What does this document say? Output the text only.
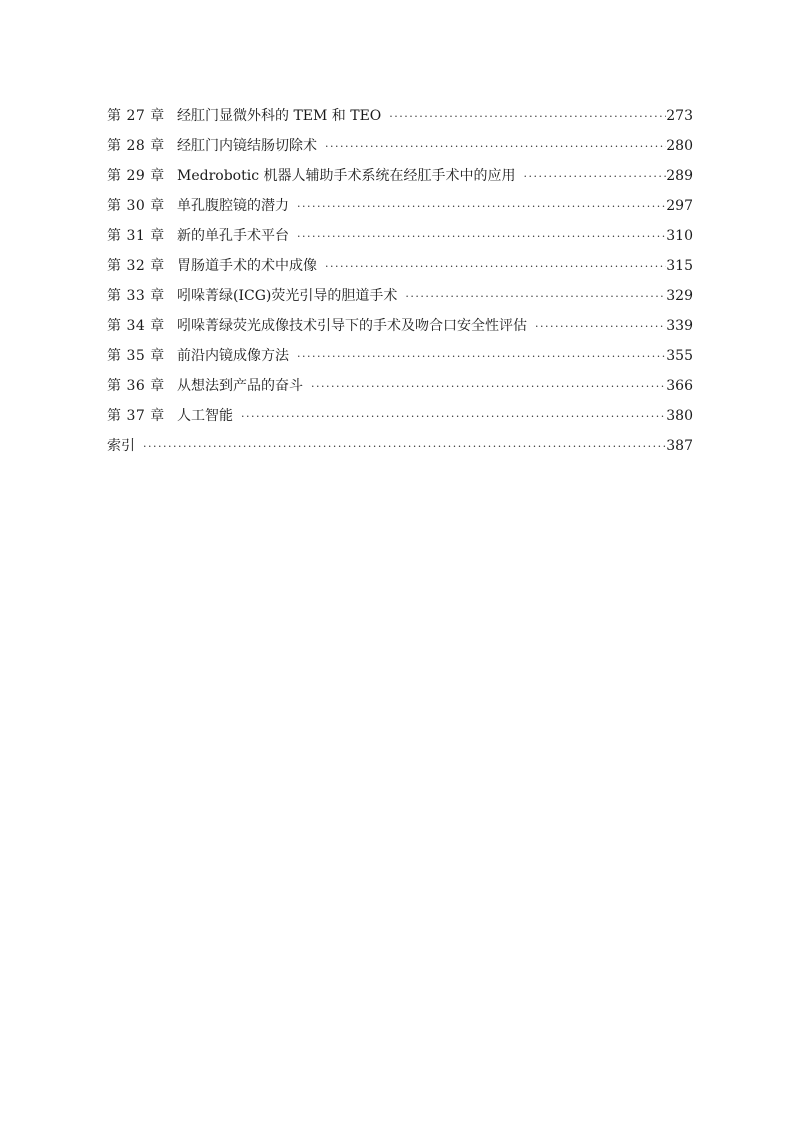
第 27 章 经肛门显微外科的 TEM 和 TEO ·····	273
第 28 章 经肛门内镜结肠切除术 ·····	280
第 29 章 Medrobotic 机器人辅助手术系统在经肛手术中的应用 ·····	289
第 30 章 单孔腹腔镜的潜力 ·····	297
第 31 章 新的单孔手术平台 ·····	310
第 32 章 胃肠道手术的术中成像 ·····	315
第 33 章 吲哚菁绿(ICG)荧光引导的胆道手术 ·····	329
第 34 章 吲哚菁绿荧光成像技术引导下的手术及吻合口安全性评估 ·····	339
第 35 章 前沿内镜成像方法 ·····	355
第 36 章 从想法到产品的奋斗 ·····	366
第 37 章 人工智能 ·····	380
索引 ·····	387
